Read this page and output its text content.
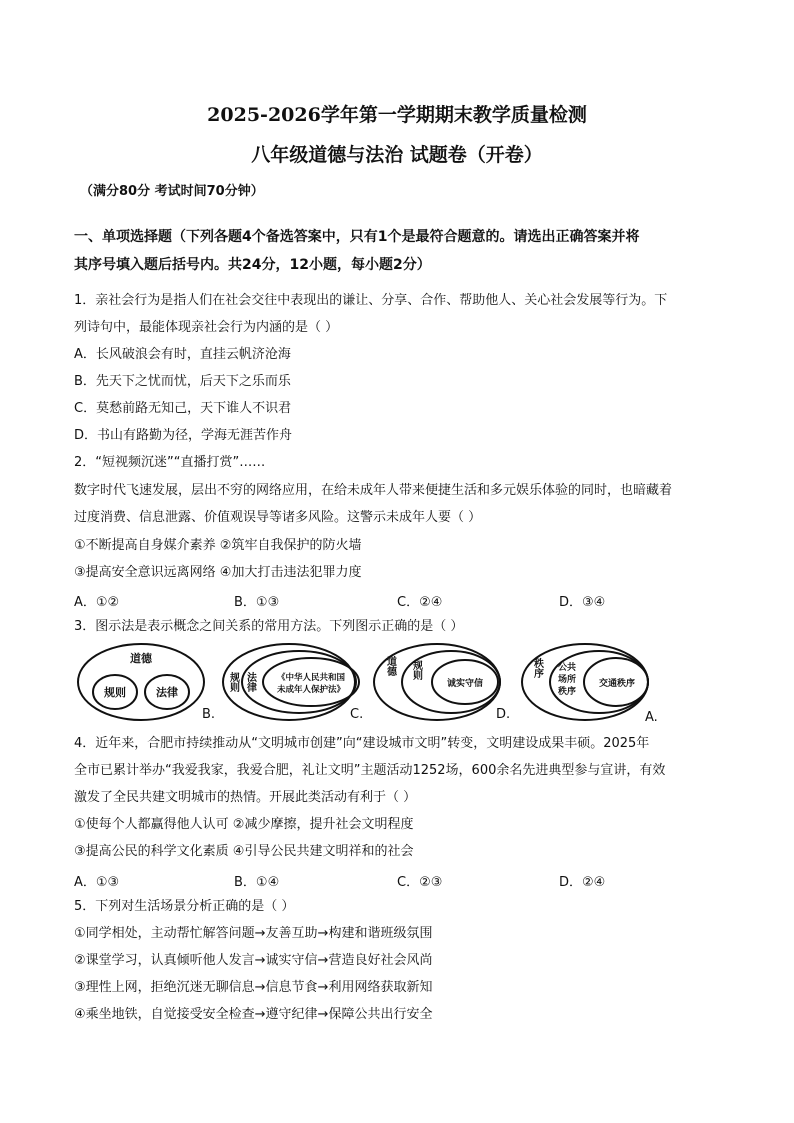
2025-2026学年第一学期期末教学质量检测
八年级道德与法治 试题卷（开卷）
（满分80分 考试时间70分钟）
一、单项选择题（下列各题4个备选答案中，只有1个是最符合题意的。请选出正确答案并将
其序号填入题后括号内。共24分，12小题，每小题2分）
1．亲社会行为是指人们在社会交往中表现出的谦让、分享、合作、帮助他人、关心社会发展等行为。下
列诗句中，最能体现亲社会行为内涵的是（ ）
A．长风破浪会有时，直挂云帆济沧海
B．先天下之忧而忧，后天下之乐而乐
C．莫愁前路无知己，天下谁人不识君
D．书山有路勤为径，学海无涯苦作舟
2．“短视频沉迷”“直播打赏”……
数字时代飞速发展，层出不穷的网络应用，在给未成年人带来便捷生活和多元娱乐体验的同时，也暗藏着
过度消费、信息泄露、价值观误导等诸多风险。这警示未成年人要（ ）
①不断提高自身媒介素养 ②筑牢自我保护的防火墙
③提高安全意识远离网络 ④加大打击违法犯罪力度
A．①②	B．①③	C．②④	D．③④
3．图示法是表示概念之间关系的常用方法。下列图示正确的是（ ）
道德
规则	法律
规则 法律	《中华人民共和国
未成年人保护法》
道德 规则
诚实守信
秩序 公共
场所
秩序
交通秩序
B.	C.	D.	A.
4．近年来，合肥市持续推动从“文明城市创建”向“建设城市文明”转变，文明建设成果丰硕。2025年
全市已累计举办“我爱我家，我爱合肥，礼让文明”主题活动1252场，600余名先进典型参与宣讲，有效
激发了全民共建文明城市的热情。开展此类活动有利于（ ）
①使每个人都赢得他人认可 ②减少摩擦，提升社会文明程度
③提高公民的科学文化素质 ④引导公民共建文明祥和的社会
A．①③	B．①④	C．②③	D．②④
5．下列对生活场景分析正确的是（ ）
①同学相处，主动帮忙解答问题→友善互助→构建和谐班级氛围
②课堂学习，认真倾听他人发言→诚实守信→营造良好社会风尚
③理性上网，拒绝沉迷无聊信息→信息节食→利用网络获取新知
④乘坐地铁，自觉接受安全检查→遵守纪律→保障公共出行安全
